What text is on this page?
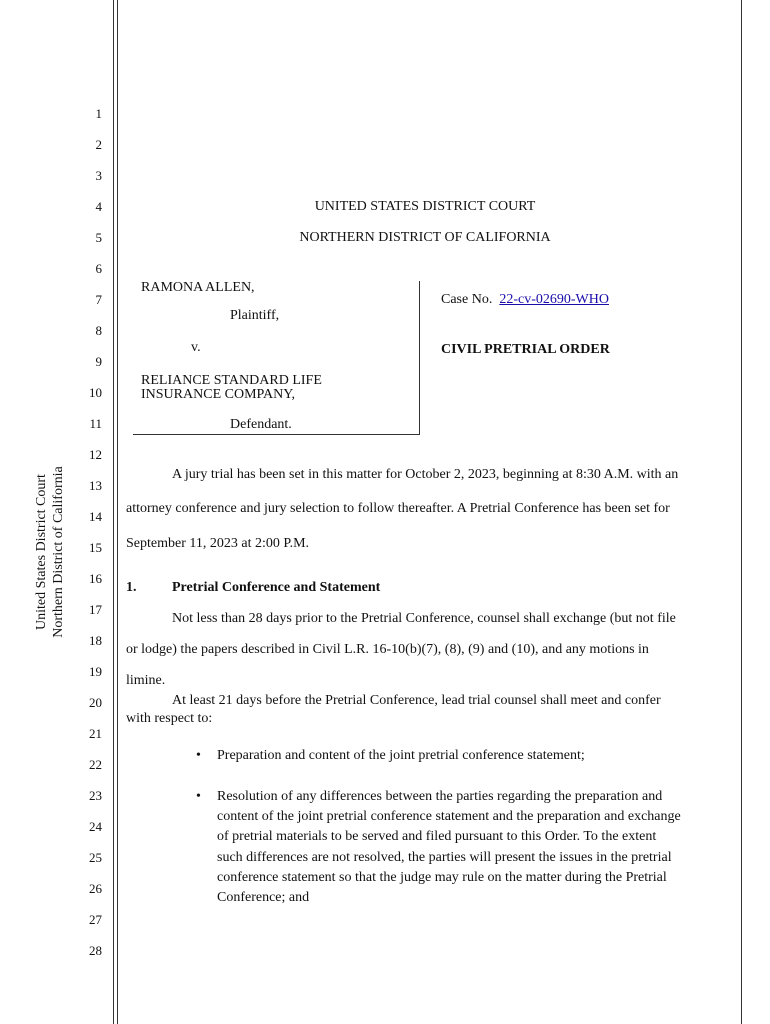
United States District Court Northern District of California
1
2
3
4
5
6
7
8
9
10
11
12
13
14
15
16
17
18
19
20
21
22
23
24
25
26
27
28
UNITED STATES DISTRICT COURT
NORTHERN DISTRICT OF CALIFORNIA
RAMONA ALLEN,
Plaintiff,
v.
RELIANCE STANDARD LIFE
INSURANCE COMPANY,
Defendant.
Case No. 22-cv-02690-WHO
CIVIL PRETRIAL ORDER
A jury trial has been set in this matter for October 2, 2023, beginning at 8:30 A.M. with an
attorney conference and jury selection to follow thereafter. A Pretrial Conference has been set for
September 11, 2023 at 2:00 P.M.
1.	Pretrial Conference and Statement
Not less than 28 days prior to the Pretrial Conference, counsel shall exchange (but not file
or lodge) the papers described in Civil L.R. 16-10(b)(7), (8), (9) and (10), and any motions in
limine.
At least 21 days before the Pretrial Conference, lead trial counsel shall meet and confer
with respect to:
• Preparation and content of the joint pretrial conference statement;
• Resolution of any differences between the parties regarding the preparation and
content of the joint pretrial conference statement and the preparation and exchange
of pretrial materials to be served and filed pursuant to this Order. To the extent
such differences are not resolved, the parties will present the issues in the pretrial
conference statement so that the judge may rule on the matter during the Pretrial
Conference; and
